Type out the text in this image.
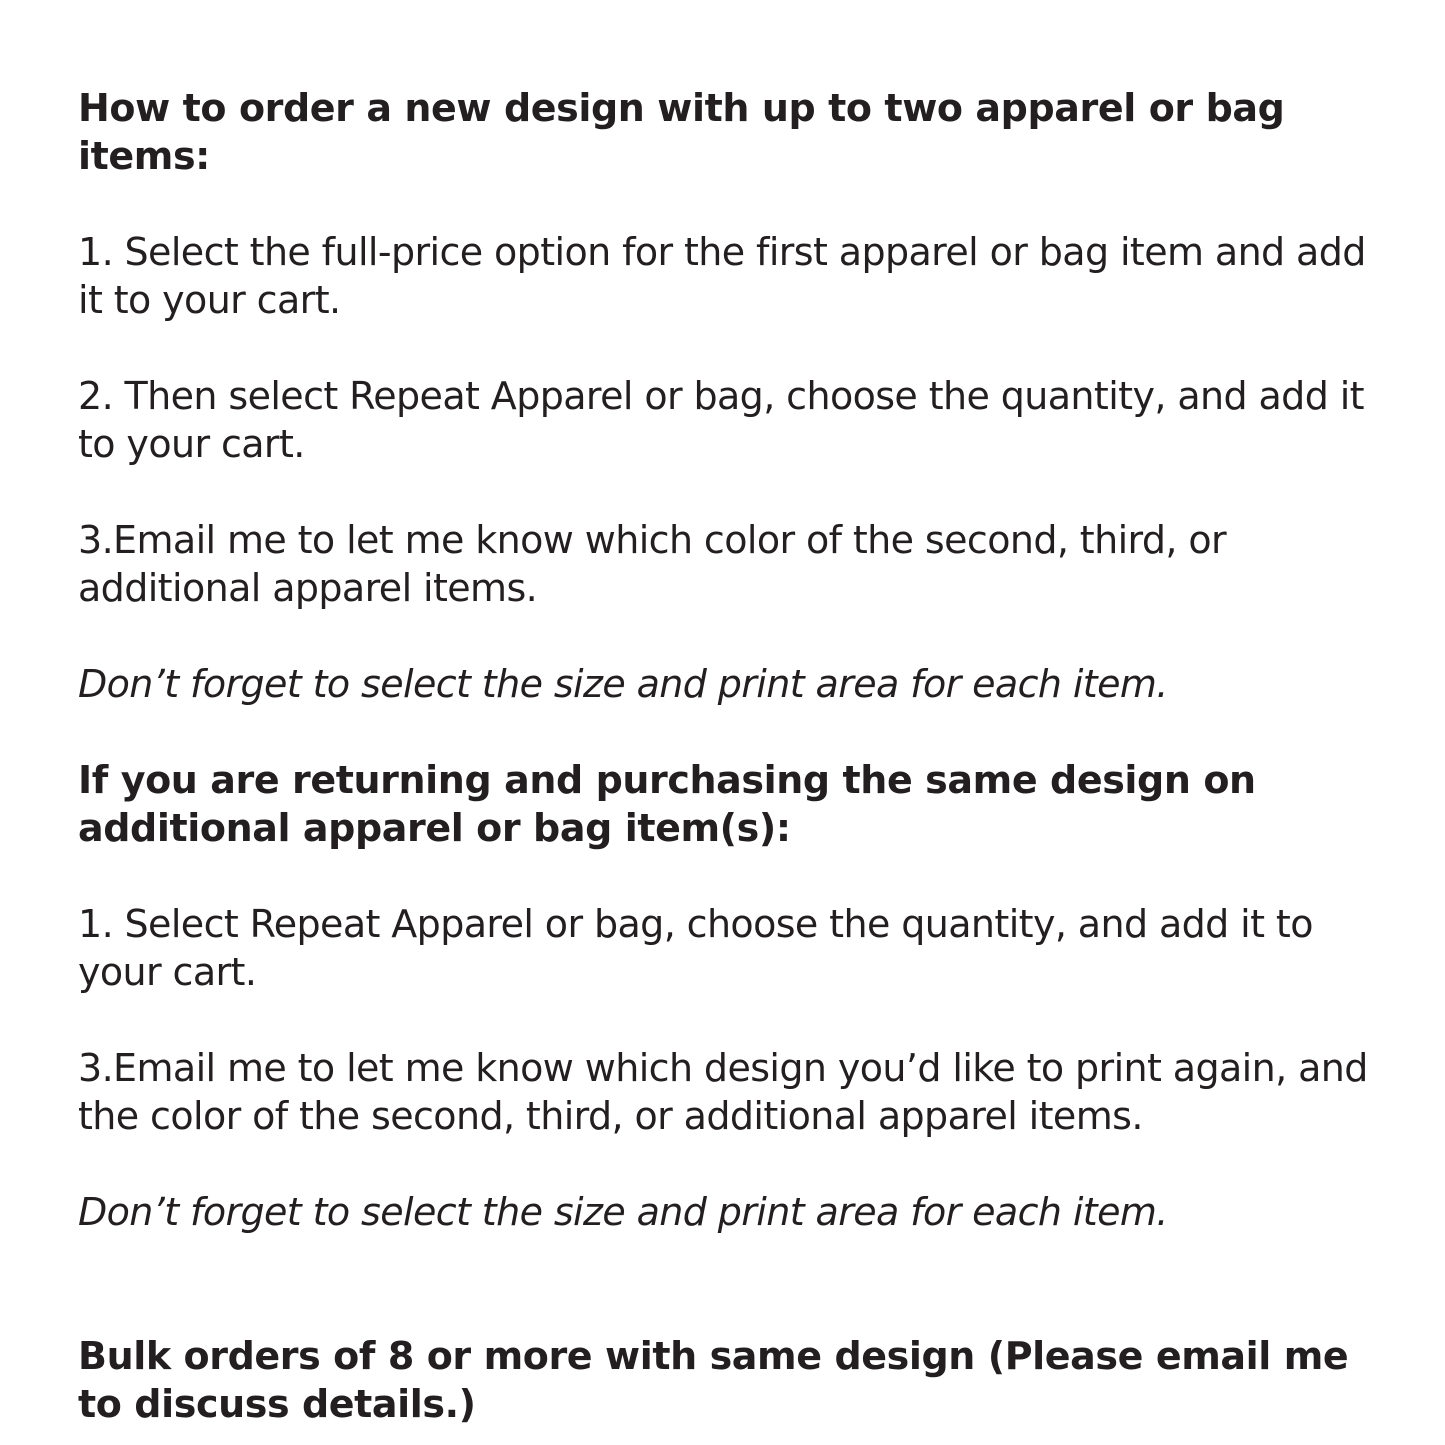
How to order a new design with up to two apparel or bag items:

1. Select the full-price option for the first apparel or bag item and add it to your cart.

2. Then select Repeat Apparel or bag, choose the quantity, and add it to your cart.

3.Email me to let me know which color of the second, third, or additional apparel items.

Don’t forget to select the size and print area for each item.

If you are returning and purchasing the same design on additional apparel or bag item(s):

1. Select Repeat Apparel or bag, choose the quantity, and add it to your cart.

3.Email me to let me know which design you’d like to print again, and the color of the second, third, or additional apparel items.

Don’t forget to select the size and print area for each item.

Bulk orders of 8 or more with same design (Please email me to discuss details.)
